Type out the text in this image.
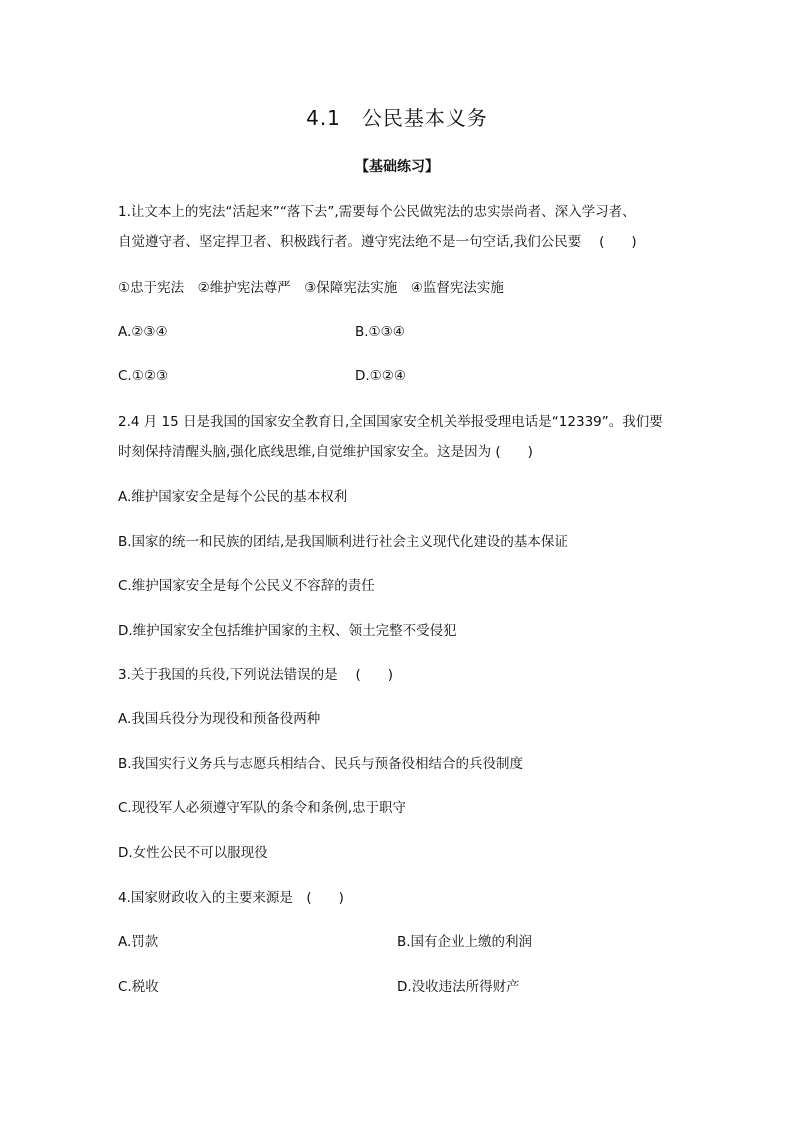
4.1　公民基本义务
【基础练习】
1.让文本上的宪法“活起来”“落下去”,需要每个公民做宪法的忠实崇尚者、深入学习者、
自觉遵守者、坚定捍卫者、积极践行者。遵守宪法绝不是一句空话,我们公民要　 (　　)
①忠于宪法　②维护宪法尊严　③保障宪法实施　④监督宪法实施
A.②③④	B.①③④
C.①②③	D.①②④
2.4 月 15 日是我国的国家安全教育日,全国国家安全机关举报受理电话是“12339”。我们要
时刻保持清醒头脑,强化底线思维,自觉维护国家安全。这是因为 (　　)
A.维护国家安全是每个公民的基本权利
B.国家的统一和民族的团结,是我国顺利进行社会主义现代化建设的基本保证
C.维护国家安全是每个公民义不容辞的责任
D.维护国家安全包括维护国家的主权、领土完整不受侵犯
3.关于我国的兵役,下列说法错误的是　 (　　)
A.我国兵役分为现役和预备役两种
B.我国实行义务兵与志愿兵相结合、民兵与预备役相结合的兵役制度
C.现役军人必须遵守军队的条令和条例,忠于职守
D.女性公民不可以服现役
4.国家财政收入的主要来源是　(　　)
A.罚款	B.国有企业上缴的利润
C.税收	D.没收违法所得财产
